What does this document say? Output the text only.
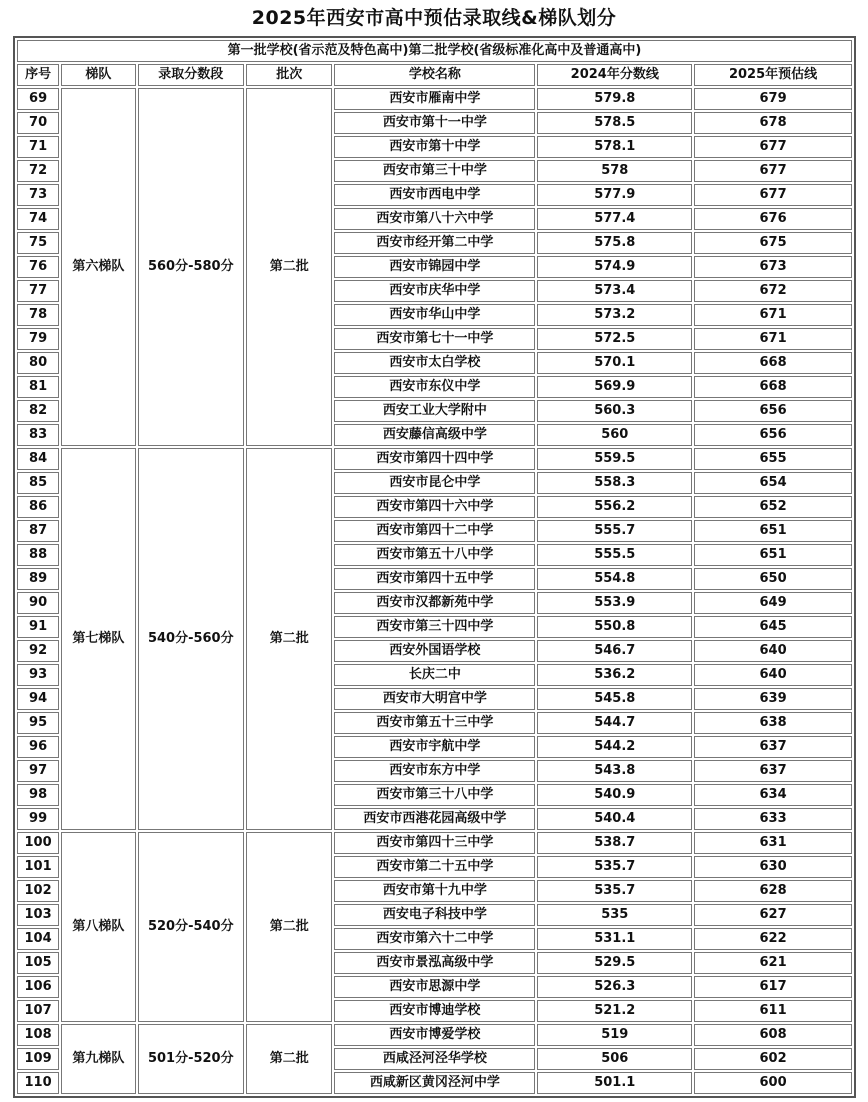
2025年西安市高中预估录取线&梯队划分
第一批学校(省示范及特色高中)第二批学校(省级标准化高中及普通高中)						
序号	梯队	录取分数段	批次	学校名称	2024年分数线	2025年预估线
69	第六梯队	560分-580分	第二批	西安市雁南中学	579.8	679
70				西安市第十一中学	578.5	678
71				西安市第十中学	578.1	677
72				西安市第三十中学	578	677
73				西安市西电中学	577.9	677
74				西安市第八十六中学	577.4	676
75				西安市经开第二中学	575.8	675
76				西安市锦园中学	574.9	673
77				西安市庆华中学	573.4	672
78				西安市华山中学	573.2	671
79				西安市第七十一中学	572.5	671
80				西安市太白学校	570.1	668
81				西安市东仪中学	569.9	668
82				西安工业大学附中	560.3	656
83				西安藤信高级中学	560	656
84	第七梯队	540分-560分	第二批	西安市第四十四中学	559.5	655
85				西安市昆仑中学	558.3	654
86				西安市第四十六中学	556.2	652
87				西安市第四十二中学	555.7	651
88				西安市第五十八中学	555.5	651
89				西安市第四十五中学	554.8	650
90				西安市汉都新苑中学	553.9	649
91				西安市第三十四中学	550.8	645
92				西安外国语学校	546.7	640
93				长庆二中	536.2	640
94				西安市大明宫中学	545.8	639
95				西安市第五十三中学	544.7	638
96				西安市宇航中学	544.2	637
97				西安市东方中学	543.8	637
98				西安市第三十八中学	540.9	634
99				西安市西港花园高级中学	540.4	633
100	第八梯队	520分-540分	第二批	西安市第四十三中学	538.7	631
101				西安市第二十五中学	535.7	630
102				西安市第十九中学	535.7	628
103				西安电子科技中学	535	627
104				西安市第六十二中学	531.1	622
105				西安市景泓高级中学	529.5	621
106				西安市思源中学	526.3	617
107				西安市博迪学校	521.2	611
108	第九梯队	501分-520分	第二批	西安市博爱学校	519	608
109				西咸泾河泾华学校	506	602
110				西咸新区黄冈泾河中学	501.1	600
